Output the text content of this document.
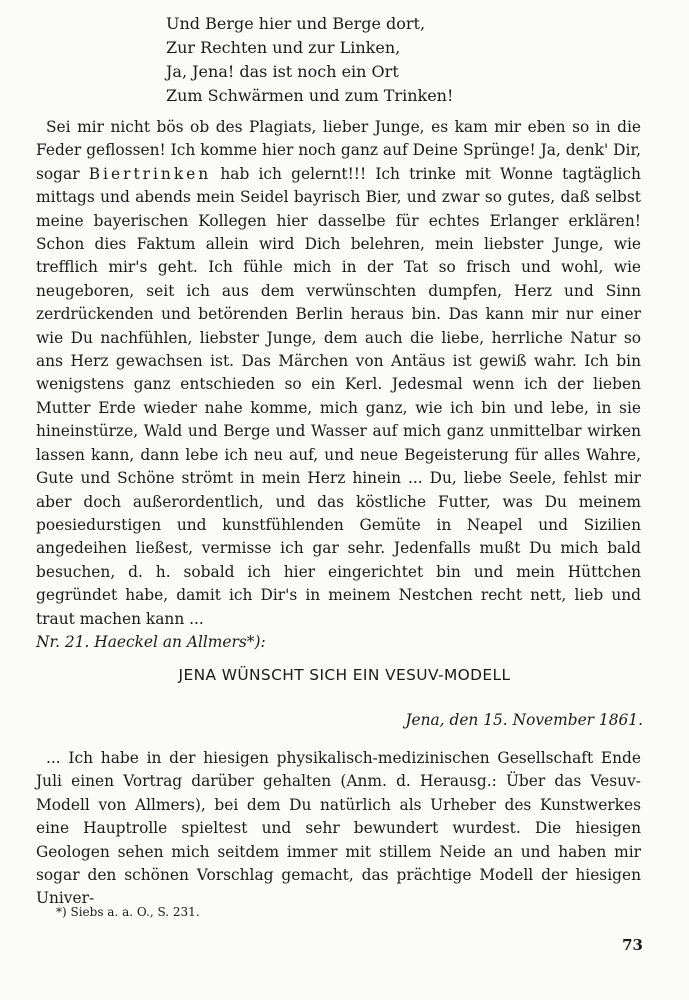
Und Berge hier und Berge dort,
Zur Rechten und zur Linken,
Ja, Jena! das ist noch ein Ort
Zum Schwärmen und zum Trinken!

Sei mir nicht bös ob des Plagiats, lieber Junge, es kam mir eben so in die Feder geflossen! Ich komme hier noch ganz auf Deine Sprünge! Ja, denk' Dir, sogar Biertrinken hab ich gelernt!!! Ich trinke mit Wonne tagtäglich mittags und abends mein Seidel bayrisch Bier, und zwar so gutes, daß selbst meine bayerischen Kollegen hier dasselbe für echtes Erlanger erklären! Schon dies Faktum allein wird Dich belehren, mein liebster Junge, wie trefflich mir's geht. Ich fühle mich in der Tat so frisch und wohl, wie neugeboren, seit ich aus dem verwünschten dumpfen, Herz und Sinn zerdrückenden und betörenden Berlin heraus bin. Das kann mir nur einer wie Du nachfühlen, liebster Junge, dem auch die liebe, herrliche Natur so ans Herz gewachsen ist. Das Märchen von Antäus ist gewiß wahr. Ich bin wenigstens ganz entschieden so ein Kerl. Jedesmal wenn ich der lieben Mutter Erde wieder nahe komme, mich ganz, wie ich bin und lebe, in sie hineinstürze, Wald und Berge und Wasser auf mich ganz unmittelbar wirken lassen kann, dann lebe ich neu auf, und neue Begeisterung für alles Wahre, Gute und Schöne strömt in mein Herz hinein ... Du, liebe Seele, fehlst mir aber doch außerordentlich, und das köstliche Futter, was Du meinem poesiedurstigen und kunstfühlenden Gemüte in Neapel und Sizilien angedeihen ließest, vermisse ich gar sehr. Jedenfalls mußt Du mich bald besuchen, d. h. sobald ich hier eingerichtet bin und mein Hüttchen gegründet habe, damit ich Dir's in meinem Nestchen recht nett, lieb und traut machen kann ...

Nr. 21. Haeckel an Allmers*):
JENA WÜNSCHT SICH EIN VESUV-MODELL
Jena, den 15. November 1861.

... Ich habe in der hiesigen physikalisch-medizinischen Gesellschaft Ende Juli einen Vortrag darüber gehalten (Anm. d. Herausg.: Über das Vesuv-Modell von Allmers), bei dem Du natürlich als Urheber des Kunstwerkes eine Hauptrolle spieltest und sehr bewundert wurdest. Die hiesigen Geologen sehen mich seitdem immer mit stillem Neide an und haben mir sogar den schönen Vorschlag gemacht, das prächtige Modell der hiesigen Univer-

*) Siebs a. a. O., S. 231.
73
